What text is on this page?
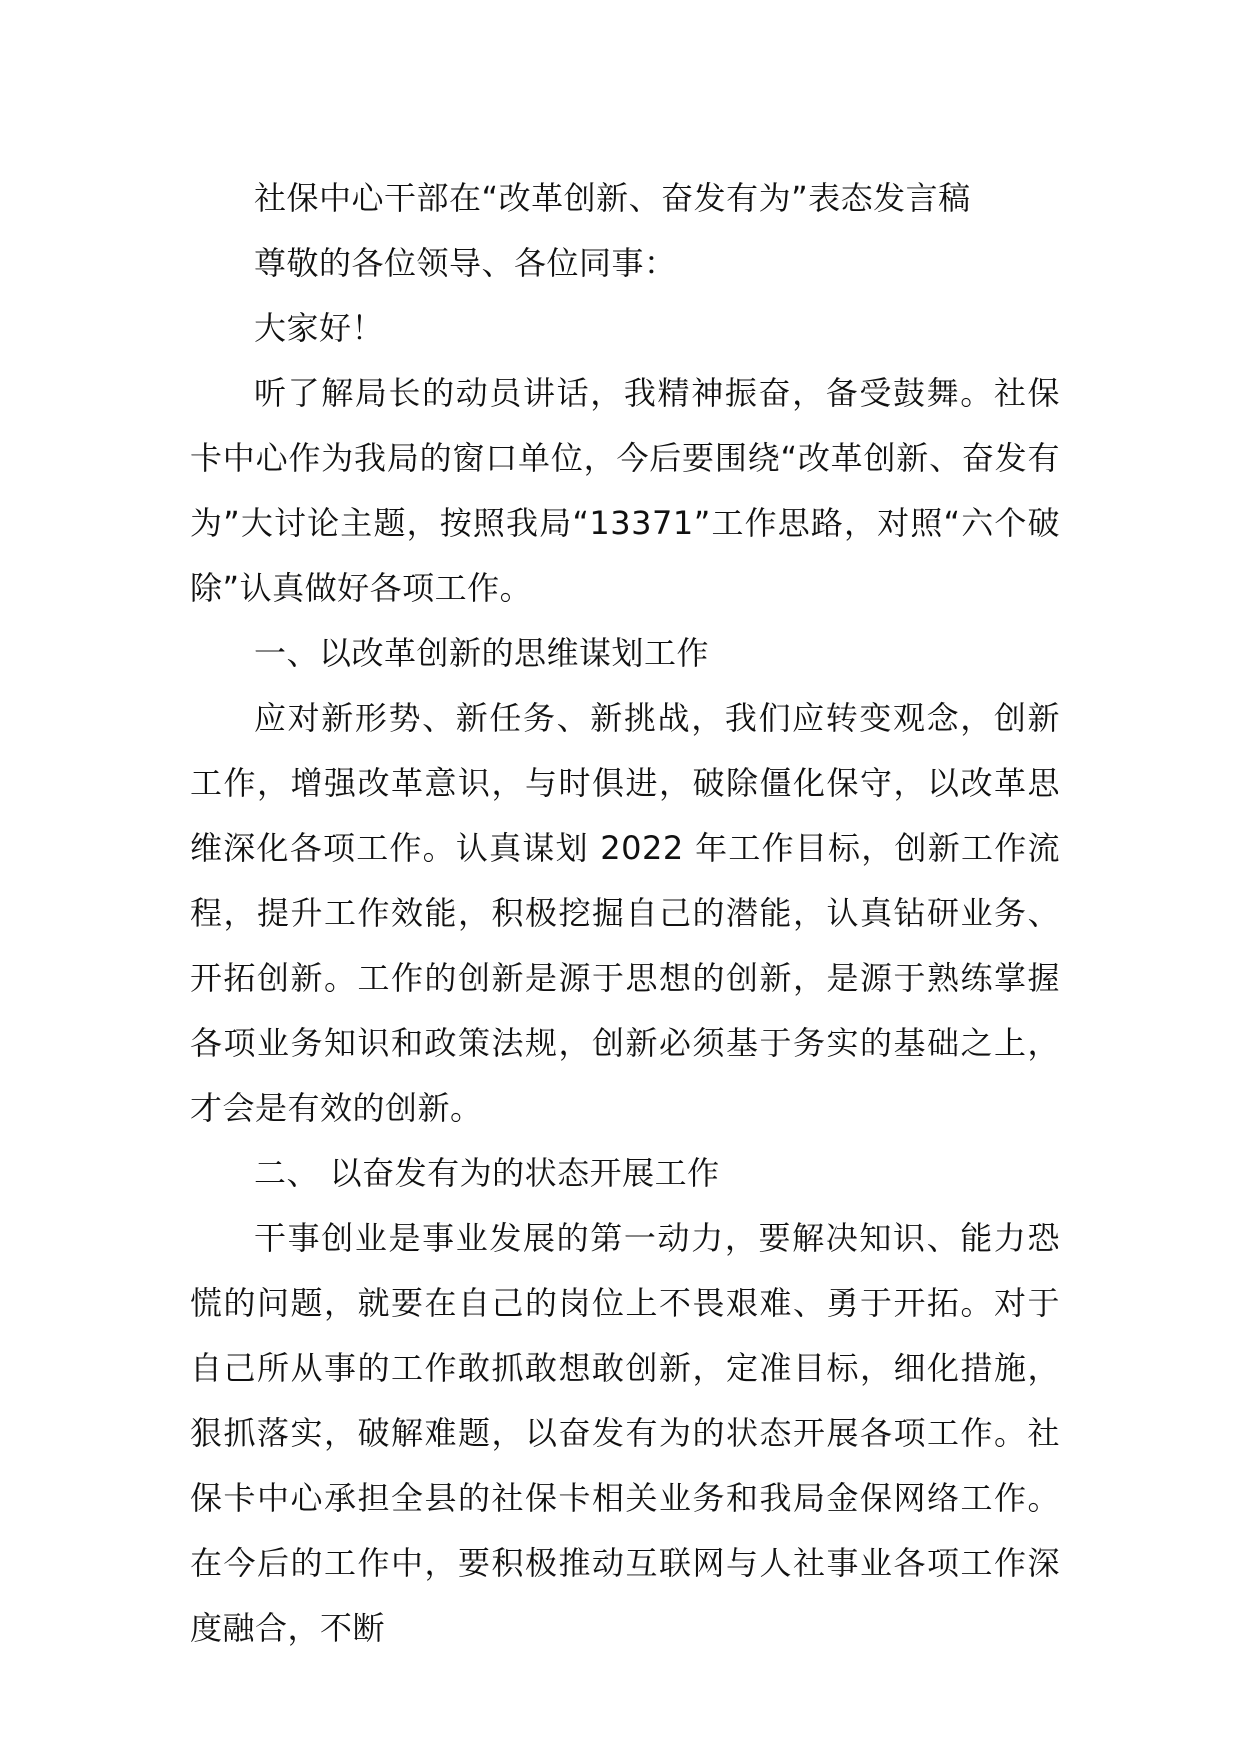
社保中心干部在“改革创新、奋发有为”表态发言稿

尊敬的各位领导、各位同事：

大家好！

听了解局长的动员讲话，我精神振奋，备受鼓舞。社保卡中心作为我局的窗口单位，今后要围绕“改革创新、奋发有为”大讨论主题，按照我局“13371”工作思路，对照“六个破除”认真做好各项工作。

一、以改革创新的思维谋划工作

应对新形势、新任务、新挑战，我们应转变观念，创新工作，增强改革意识，与时俱进，破除僵化保守，以改革思维深化各项工作。认真谋划 2022 年工作目标，创新工作流程，提升工作效能，积极挖掘自己的潜能，认真钻研业务、开拓创新。工作的创新是源于思想的创新，是源于熟练掌握各项业务知识和政策法规，创新必须基于务实的基础之上，才会是有效的创新。

二、 以奋发有为的状态开展工作

干事创业是事业发展的第一动力，要解决知识、能力恐慌的问题，就要在自己的岗位上不畏艰难、勇于开拓。对于自己所从事的工作敢抓敢想敢创新，定准目标，细化措施，狠抓落实，破解难题，以奋发有为的状态开展各项工作。社保卡中心承担全县的社保卡相关业务和我局金保网络工作。在今后的工作中，要积极推动互联网与人社事业各项工作深度融合，不断
